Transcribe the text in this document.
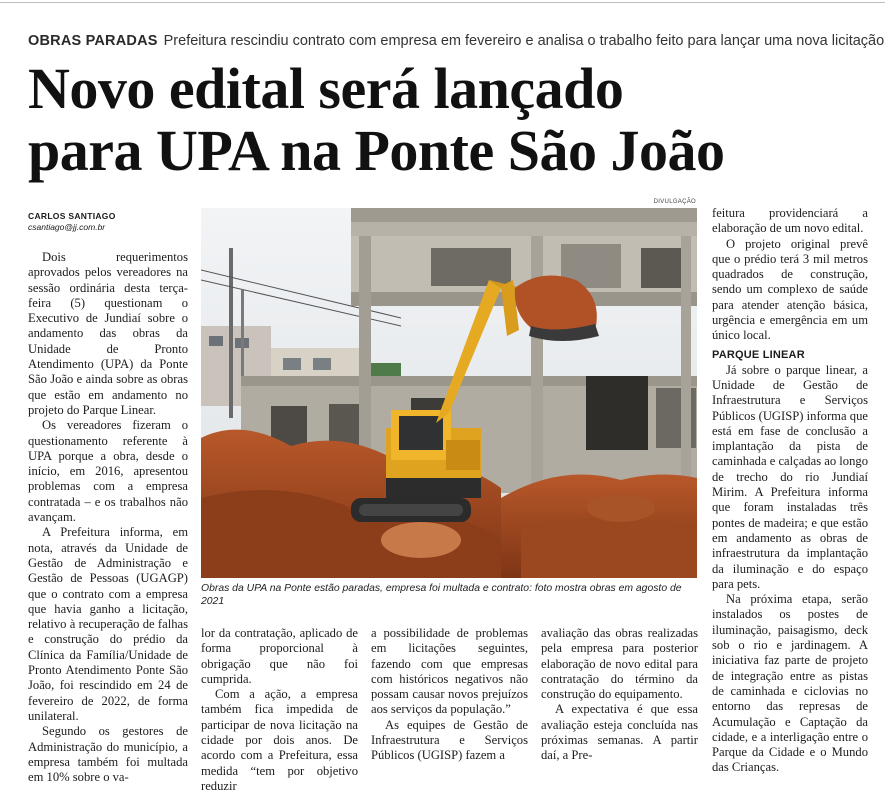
OBRAS PARADAS Prefeitura rescindiu contrato com empresa em fevereiro e analisa o trabalho feito para lançar uma nova licitação
Novo edital será lançado
para UPA na Ponte São João
CARLOS SANTIAGO
csantiago@jj.com.br

Dois requerimentos aprovados pelos vereadores na sessão ordinária desta terça-feira (5) questionam o Executivo de Jundiaí sobre o andamento das obras da Unidade de Pronto Atendimento (UPA) da Ponte São João e ainda sobre as obras que estão em andamento no projeto do Parque Linear.

Os vereadores fizeram o questionamento referente à UPA porque a obra, desde o início, em 2016, apresentou problemas com a empresa contratada – e os trabalhos não avançam.

A Prefeitura informa, em nota, através da Unidade de Gestão de Administração e Gestão de Pessoas (UGAGP) que o contrato com a empresa que havia ganho a licitação, relativo à recuperação de falhas e construção do prédio da Clínica da Família/Unidade de Pronto Atendimento Ponte São João, foi rescindido em 24 de fevereiro de 2022, de forma unilateral.

Segundo os gestores de Administração do município, a empresa também foi multada em 10% sobre o va-

DIVULGAÇÃO
Obras da UPA na Ponte estão paradas, empresa foi multada e contrato: foto mostra obras em agosto de 2021

lor da contratação, aplicado de forma proporcional à obrigação que não foi cumprida.

Com a ação, a empresa também fica impedida de participar de nova licitação na cidade por dois anos. De acordo com a Prefeitura, essa medida “tem por objetivo reduzir

a possibilidade de problemas em licitações seguintes, fazendo com que empresas com históricos negativos não possam causar novos prejuízos aos serviços da população.”

As equipes de Gestão de Infraestrutura e Serviços Públicos (UGISP) fazem a

avaliação das obras realizadas pela empresa para posterior elaboração de novo edital para contratação do término da construção do equipamento.

A expectativa é que essa avaliação esteja concluída nas próximas semanas. A partir daí, a Pre-

feitura providenciará a elaboração de um novo edital.

O projeto original prevê que o prédio terá 3 mil metros quadrados de construção, sendo um complexo de saúde para atender atenção básica, urgência e emergência em um único local.

PARQUE LINEAR

Já sobre o parque linear, a Unidade de Gestão de Infraestrutura e Serviços Públicos (UGISP) informa que está em fase de conclusão a implantação da pista de caminhada e calçadas ao longo de trecho do rio Jundiaí Mirim. A Prefeitura informa que foram instaladas três pontes de madeira; e que estão em andamento as obras de infraestrutura da implantação da iluminação e do espaço para pets.

Na próxima etapa, serão instalados os postes de iluminação, paisagismo, deck sob o rio e jardinagem. A iniciativa faz parte de projeto de integração entre as pistas de caminhada e ciclovias no entorno das represas de Acumulação e Captação da cidade, e a interligação entre o Parque da Cidade e o Mundo das Crianças.
